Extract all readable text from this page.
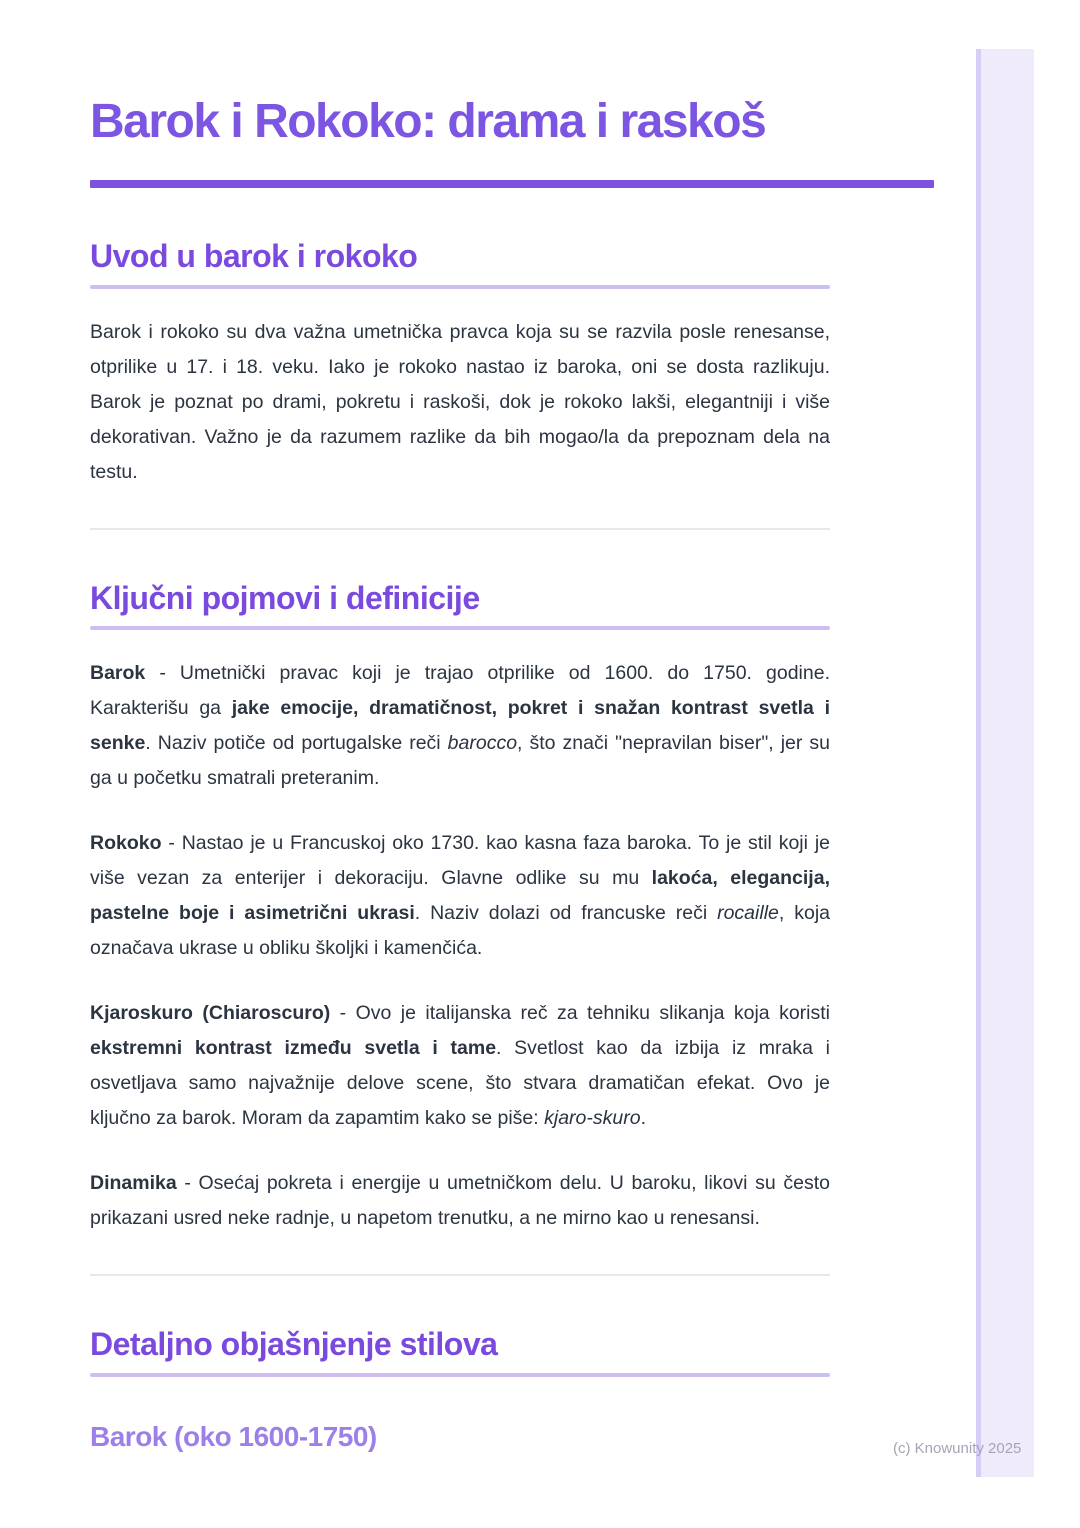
Barok i Rokoko: drama i raskoš
Uvod u barok i rokoko

Barok i rokoko su dva važna umetnička pravca koja su se razvila posle renesanse, otprilike u 17. i 18. veku. Iako je rokoko nastao iz baroka, oni se dosta razlikuju. Barok je poznat po drami, pokretu i raskoši, dok je rokoko lakši, elegantniji i više dekorativan. Važno je da razumem razlike da bih mogao/la da prepoznam dela na testu.

Ključni pojmovi i definicije

Barok - Umetnički pravac koji je trajao otprilike od 1600. do 1750. godine. Karakterišu ga jake emocije, dramatičnost, pokret i snažan kontrast svetla i senke. Naziv potiče od portugalske reči barocco, što znači "nepravilan biser", jer su ga u početku smatrali preteranim.

Rokoko - Nastao je u Francuskoj oko 1730. kao kasna faza baroka. To je stil koji je više vezan za enterijer i dekoraciju. Glavne odlike su mu lakoća, elegancija, pastelne boje i asimetrični ukrasi. Naziv dolazi od francuske reči rocaille, koja označava ukrase u obliku školjki i kamenčića.

Kjaroskuro (Chiaroscuro) - Ovo je italijanska reč za tehniku slikanja koja koristi ekstremni kontrast između svetla i tame. Svetlost kao da izbija iz mraka i osvetljava samo najvažnije delove scene, što stvara dramatičan efekat. Ovo je ključno za barok. Moram da zapamtim kako se piše: kjaro-skuro.

Dinamika - Osećaj pokreta i energije u umetničkom delu. U baroku, likovi su često prikazani usred neke radnje, u napetom trenutku, a ne mirno kao u renesansi.

Detaljno objašnjenje stilova
Barok (oko 1600-1750)	(c) Knowunity 2025
